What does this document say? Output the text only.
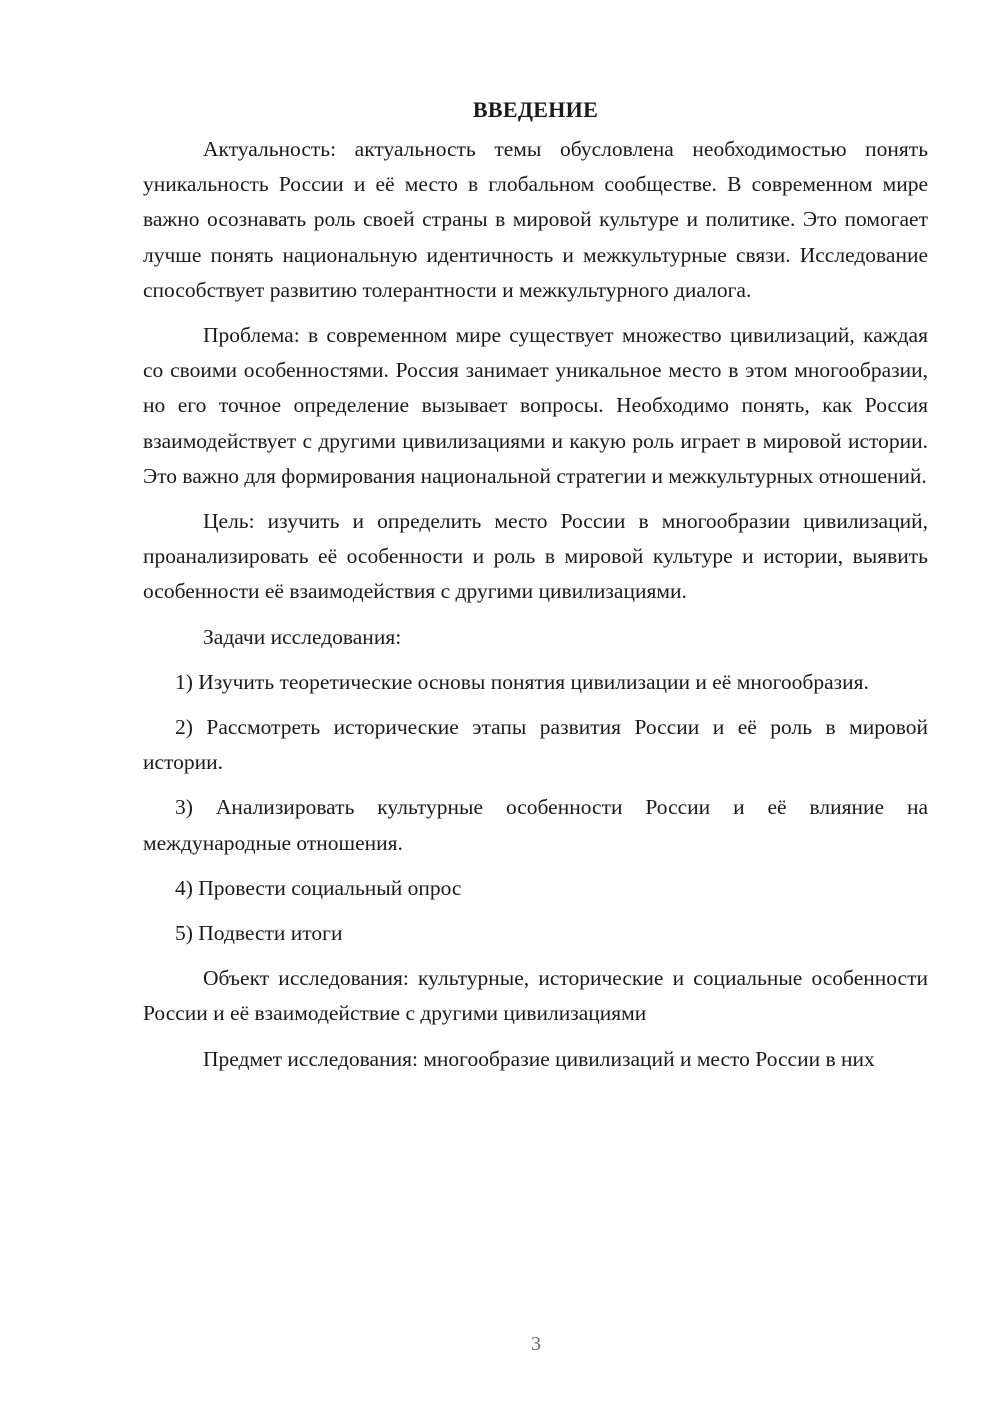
ВВЕДЕНИЕ

Актуальность: актуальность темы обусловлена необходимостью понять уникальность России и её место в глобальном сообществе. В современном мире важно осознавать роль своей страны в мировой культуре и политике. Это помогает лучше понять национальную идентичность и межкультурные связи. Исследование способствует развитию толерантности и межкультурного диалога.

Проблема: в современном мире существует множество цивилизаций, каждая со своими особенностями. Россия занимает уникальное место в этом многообразии, но его точное определение вызывает вопросы. Необходимо понять, как Россия взаимодействует с другими цивилизациями и какую роль играет в мировой истории. Это важно для формирования национальной стратегии и межкультурных отношений.

Цель: изучить и определить место России в многообразии цивилизаций, проанализировать её особенности и роль в мировой культуре и истории, выявить особенности её взаимодействия с другими цивилизациями.

Задачи исследования:

1) Изучить теоретические основы понятия цивилизации и её многообразия.

2) Рассмотреть исторические этапы развития России и её роль в мировой истории.

3) Анализировать культурные особенности России и её влияние на международные отношения.

4) Провести социальный опрос

5) Подвести итоги

Объект исследования: культурные, исторические и социальные особенности России и её взаимодействие с другими цивилизациями

Предмет исследования: многообразие цивилизаций и место России в них

3
